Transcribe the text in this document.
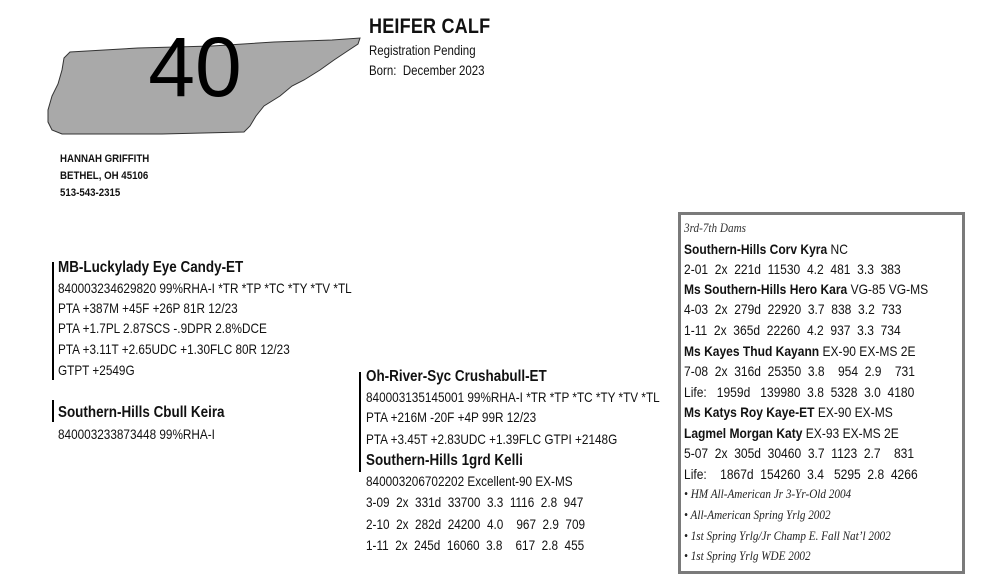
40	HEIFER CALF
Registration Pending
Born: December 2023
HANNAH GRIFFITH
BETHEL, OH 45106
513-543-2315
MB-Luckylady Eye Candy-ET
840003234629820 99%RHA-I *TR *TP *TC *TY *TV *TL
PTA +387M +45F +26P 81R 12/23
PTA +1.7PL 2.87SCS -.9DPR 2.8%DCE
PTA +3.11T +2.65UDC +1.30FLC 80R 12/23
GTPT +2549G
Southern-Hills Cbull Keira
840003233873448 99%RHA-I
Oh-River-Syc Crushabull-ET
840003135145001 99%RHA-I *TR *TP *TC *TY *TV *TL
PTA +216M -20F +4P 99R 12/23
PTA +3.45T +2.83UDC +1.39FLC GTPI +2148G
Southern-Hills 1grd Kelli
840003206702202 Excellent-90 EX-MS
3-09  2x  331d  33700  3.3  1116  2.8  947
2-10  2x  282d  24200  4.0    967  2.9  709
1-11  2x  245d  16060  3.8    617  2.8  455
3rd-7th Dams
Southern-Hills Corv Kyra NC
2-01  2x  221d  11530  4.2  481  3.3  383
Ms Southern-Hills Hero Kara VG-85 VG-MS
4-03  2x  279d  22920  3.7  838  3.2  733
1-11  2x  365d  22260  4.2  937  3.3  734
Ms Kayes Thud Kayann EX-90 EX-MS 2E
7-08  2x  316d  25350  3.8    954  2.9    731
Life:   1959d   139980  3.8  5328  3.0  4180
Ms Katys Roy Kaye-ET EX-90 EX-MS
Lagmel Morgan Katy EX-93 EX-MS 2E
5-07  2x  305d  30460  3.7  1123  2.7    831
Life:    1867d  154260  3.4   5295  2.8  4266
• HM All-American Jr 3-Yr-Old 2004
• All-American Spring Yrlg 2002
• 1st Spring Yrlg/Jr Champ E. Fall Nat’l 2002
• 1st Spring Yrlg WDE 2002
